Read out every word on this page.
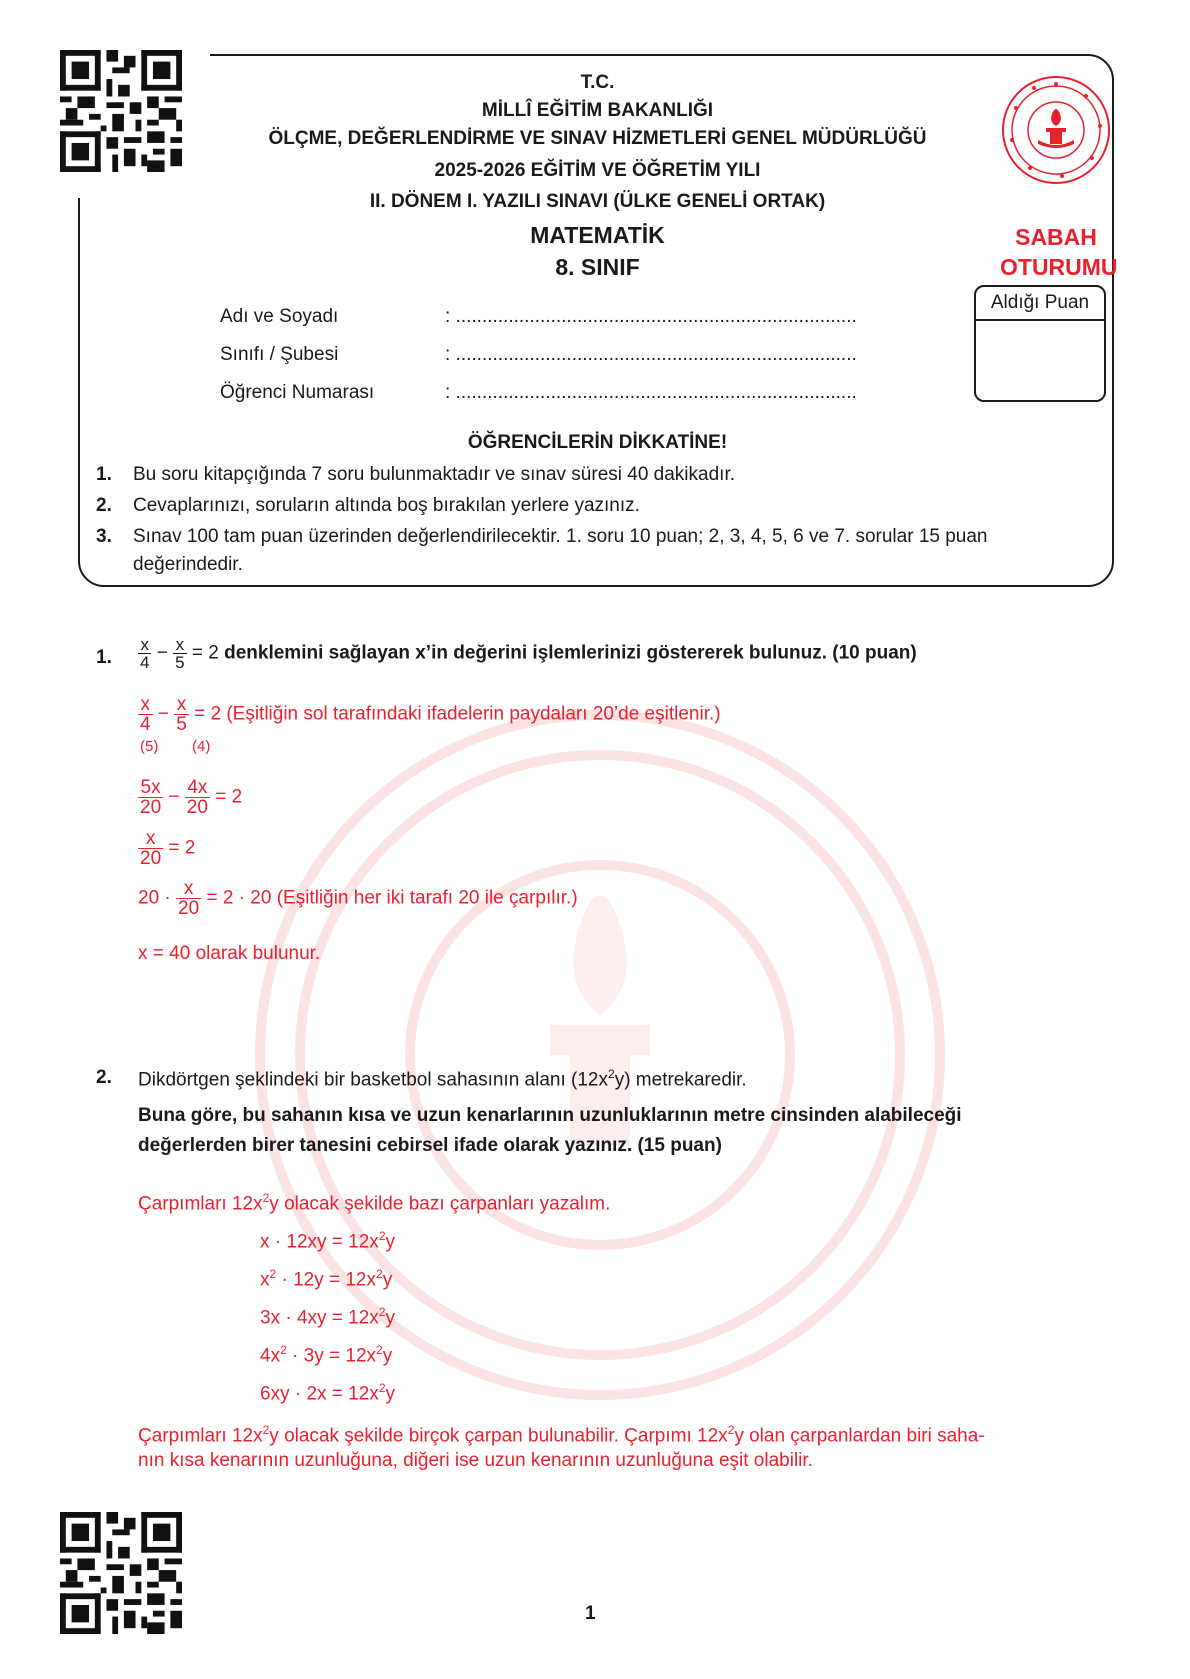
T.C.
MİLLÎ EĞİTİM BAKANLIĞI
ÖLÇME, DEĞERLENDİRME VE SINAV HİZMETLERİ GENEL MÜDÜRLÜĞÜ
2025-2026 EĞİTİM VE ÖĞRETİM YILI
II. DÖNEM I. YAZILI SINAVI (ÜLKE GENELİ ORTAK)
MATEMATİK
8. SINIF
SABAH
OTURUMU
Aldığı Puan
Adı ve Soyadı	: ............................................................................
Sınıfı / Şubesi	: ............................................................................
Öğrenci Numarası	: ............................................................................
ÖĞRENCİLERİN DİKKATİNE!
1. Bu soru kitapçığında 7 soru bulunmaktadır ve sınav süresi 40 dakikadır.
2. Cevaplarınızı, soruların altında boş bırakılan yerlere yazınız.
3. Sınav 100 tam puan üzerinden değerlendirilecektir. 1. soru 10 puan; 2, 3, 4, 5, 6 ve 7. sorular 15 puan
değerindedir.
1. $\frac{x}{4} - \frac{x}{5} = 2$ denklemini sağlayan x’in değerini işlemlerinizi göstererek bulunuz. (10 puan)
$\frac{x}{4} - \frac{x}{5} = 2$ (Eşitliğin sol tarafındaki ifadelerin paydaları 20’de eşitlenir.)
(5) (4)
$\frac{5x}{20} - \frac{4x}{20} = 2$
$\frac{x}{20} = 2$
$20 \cdot \frac{x}{20} = 2 \cdot 20$ (Eşitliğin her iki tarafı 20 ile çarpılır.)
x = 40 olarak bulunur.
2. Dikdörtgen şeklindeki bir basketbol sahasının alanı $(12x^2y)$ metrekaredir.
Buna göre, bu sahanın kısa ve uzun kenarlarının uzunluklarının metre cinsinden alabileceği
değerlerden birer tanesini cebirsel ifade olarak yazınız. (15 puan)
Çarpımları $12x^2y$ olacak şekilde bazı çarpanları yazalım.
$x \cdot 12xy = 12x^2y$
$x^2 \cdot 12y = 12x^2y$
$3x \cdot 4xy = 12x^2y$
$4x^2 \cdot 3y = 12x^2y$
$6xy \cdot 2x = 12x^2y$
Çarpımları $12x^2y$ olacak şekilde birçok çarpan bulunabilir. Çarpımı $12x^2y$ olan çarpanlardan biri saha-
nın kısa kenarının uzunluğuna, diğeri ise uzun kenarının uzunluğuna eşit olabilir.
1
